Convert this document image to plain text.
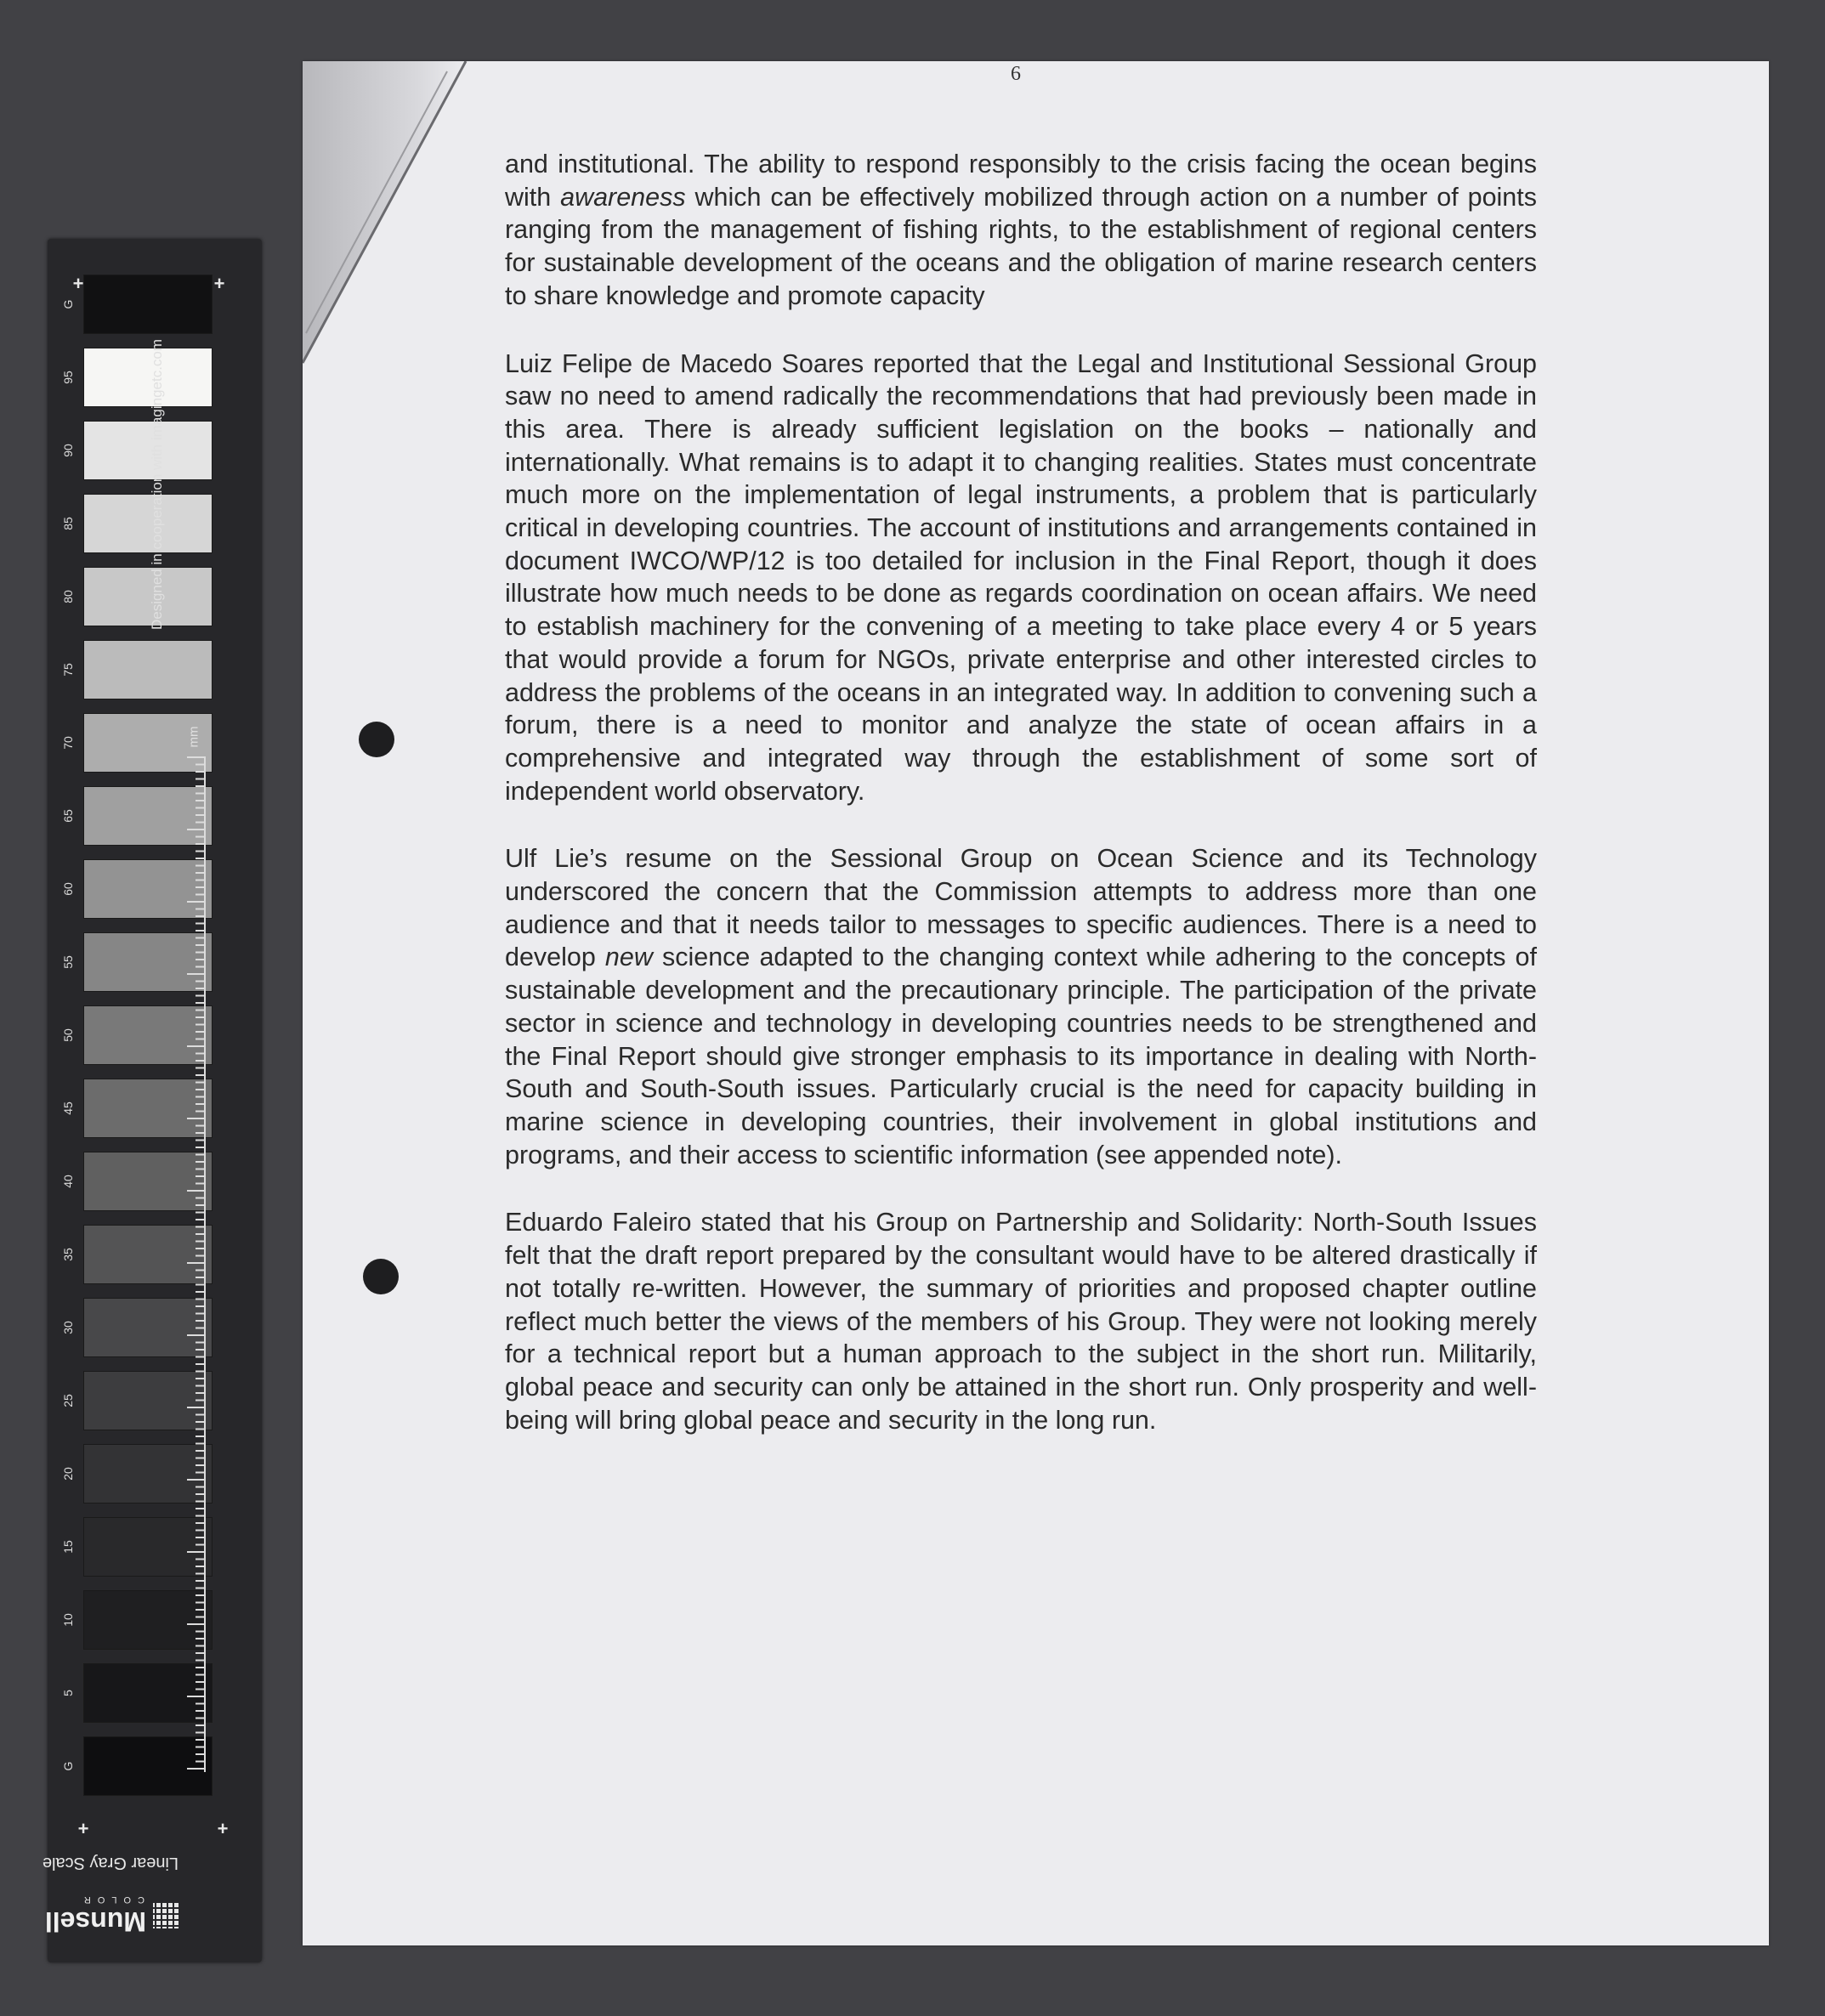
+	+
G
95
90
85
80
75
70
65
60
55
50
45
40
35
30
25
20
15
10
5
G
+	+
Designed in cooperation with imagingetc.com
mm
Linear Gray Scale
Munsell
COLOR
6

and institutional. The ability to respond responsibly to the crisis facing the ocean begins with awareness which can be effectively mobilized through action on a number of points ranging from the management of fishing rights, to the establishment of regional centers for sustainable development of the oceans and the obligation of marine research centers to share knowledge and promote capacity

Luiz Felipe de Macedo Soares reported that the Legal and Institutional Sessional Group saw no need to amend radically the recommendations that had previously been made in this area. There is already sufficient legislation on the books – nationally and internationally. What remains is to adapt it to changing realities. States must concentrate much more on the implementation of legal instruments, a problem that is particularly critical in developing countries. The account of institutions and arrangements contained in document IWCO/WP/12 is too detailed for inclusion in the Final Report, though it does illustrate how much needs to be done as regards coordination on ocean affairs. We need to establish machinery for the convening of a meeting to take place every 4 or 5 years that would provide a forum for NGOs, private enterprise and other interested circles to address the problems of the oceans in an integrated way. In addition to convening such a forum, there is a need to monitor and analyze the state of ocean affairs in a comprehensive and integrated way through the establishment of some sort of independent world observatory.

Ulf Lie’s resume on the Sessional Group on Ocean Science and its Technology underscored the concern that the Commission attempts to address more than one audience and that it needs tailor to messages to specific audiences. There is a need to develop new science adapted to the changing context while adhering to the concepts of sustainable development and the precautionary principle. The participation of the private sector in science and technology in developing countries needs to be strengthened and the Final Report should give stronger emphasis to its importance in dealing with North-South and South-South issues. Particularly crucial is the need for capacity building in marine science in developing countries, their involvement in global institutions and programs, and their access to scientific information (see appended note).

Eduardo Faleiro stated that his Group on Partnership and Solidarity: North-South Issues felt that the draft report prepared by the consultant would have to be altered drastically if not totally re-written. However, the summary of priorities and proposed chapter outline reflect much better the views of the members of his Group. They were not looking merely for a technical report but a human approach to the subject in the short run. Militarily, global peace and security can only be attained in the short run. Only prosperity and well-being will bring global peace and security in the long run.
